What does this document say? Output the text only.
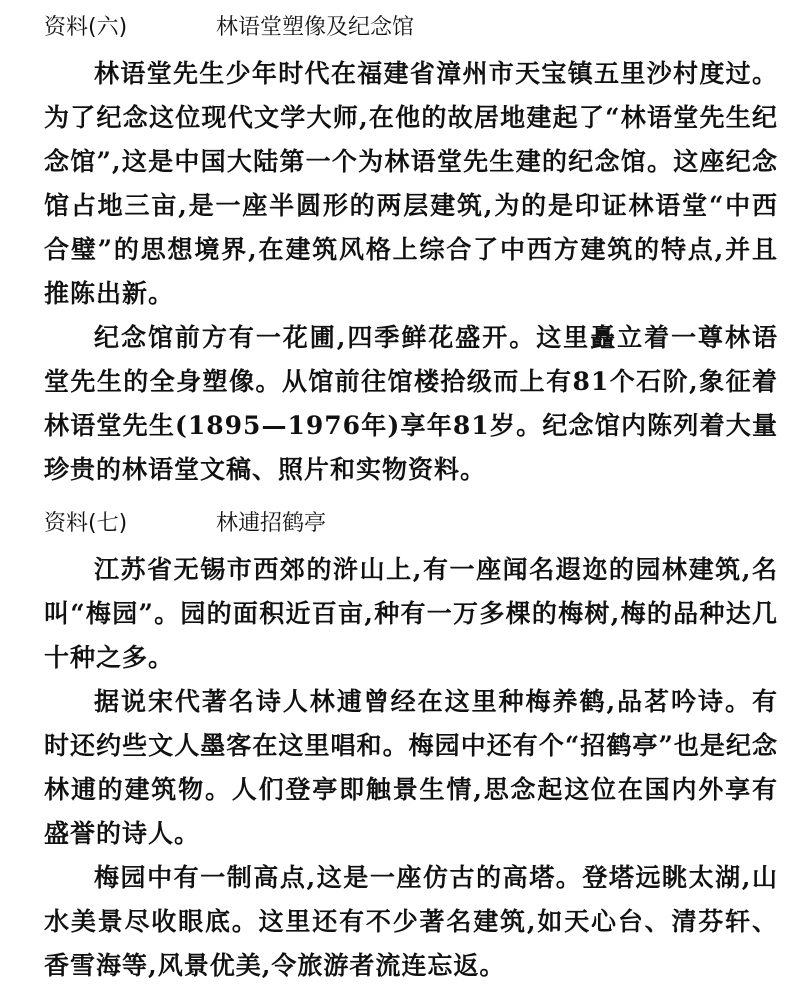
资料(六)	林语堂塑像及纪念馆

林语堂先生少年时代在福建省漳州市天宝镇五里沙村度过。为了纪念这位现代文学大师,在他的故居地建起了“林语堂先生纪念馆”,这是中国大陆第一个为林语堂先生建的纪念馆。这座纪念馆占地三亩,是一座半圆形的两层建筑,为的是印证林语堂“中西合璧”的思想境界,在建筑风格上综合了中西方建筑的特点,并且推陈出新。

纪念馆前方有一花圃,四季鲜花盛开。这里矗立着一尊林语堂先生的全身塑像。从馆前往馆楼拾级而上有81个石阶,象征着林语堂先生(1895—1976年)享年81岁。纪念馆内陈列着大量珍贵的林语堂文稿、照片和实物资料。

资料(七)	林逋招鹤亭

江苏省无锡市西郊的浒山上,有一座闻名遐迩的园林建筑,名叫“梅园”。园的面积近百亩,种有一万多棵的梅树,梅的品种达几十种之多。

据说宋代著名诗人林逋曾经在这里种梅养鹤,品茗吟诗。有时还约些文人墨客在这里唱和。梅园中还有个“招鹤亭”也是纪念林逋的建筑物。人们登亭即触景生情,思念起这位在国内外享有盛誉的诗人。

梅园中有一制高点,这是一座仿古的高塔。登塔远眺太湖,山水美景尽收眼底。这里还有不少著名建筑,如天心台、清芬轩、香雪海等,风景优美,令旅游者流连忘返。
